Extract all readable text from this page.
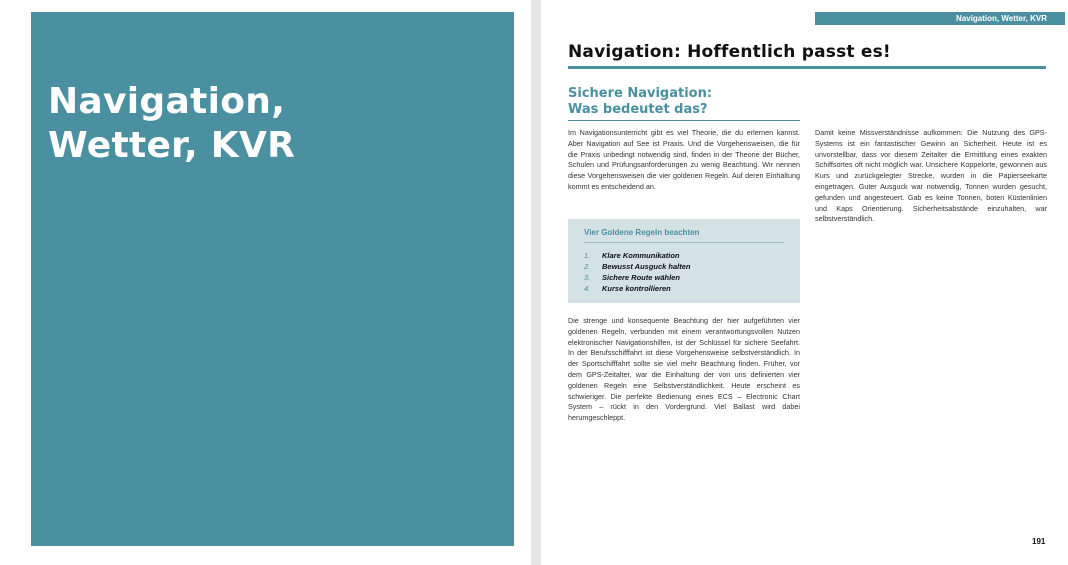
Navigation,
Wetter, KVR
Navigation, Wetter, KVR
Navigation: Hoffentlich passt es!
Sichere Navigation:
Was bedeutet das?

Im Navigationsunterricht gibt es viel Theorie, die du erlernen kannst. Aber Navigation auf See ist Praxis. Und die Vorgehensweisen, die für die Praxis unbedingt notwendig sind, finden in der Theorie der Bücher, Schulen und Prüfungsanforderungen zu wenig Beachtung. Wir nennen diese Vorgehensweisen die vier goldenen Regeln. Auf deren Einhaltung kommt es entscheidend an.

Vier Goldene Regeln beachten
1. Klare Kommunikation
2. Bewusst Ausguck halten
3. Sichere Route wählen
4. Kurse kontrollieren

Die strenge und konsequente Beachtung der hier aufgeführten vier goldenen Regeln, verbunden mit einem verantwortungsvollen Nutzen elektronischer Navigationshilfen, ist der Schlüssel für sichere Seefahrt. In der Berufsschifffahrt ist diese Vorgehensweise selbstverständlich. In der Sportschifffahrt sollte sie viel mehr Beachtung finden. Früher, vor dem GPS-Zeitalter, war die Einhaltung der von uns definierten vier goldenen Regeln eine Selbstverständlichkeit. Heute erscheint es schwieriger. Die perfekte Bedienung eines ECS – Electronic Chart System – rückt in den Vordergrund. Viel Ballast wird dabei herumgeschleppt.

Damit keine Missverständnisse aufkommen: Die Nutzung des GPS-Systems ist ein fantastischer Gewinn an Sicherheit. Heute ist es unvorstellbar, dass vor diesem Zeitalter die Ermittlung eines exakten Schiffsortes oft nicht möglich war. Unsichere Koppelorte, gewonnen aus Kurs und zurückgelegter Strecke, wurden in die Papierseekarte eingetragen. Guter Ausguck war notwendig, Tonnen wurden gesucht, gefunden und angesteuert. Gab es keine Tonnen, boten Küstenlinien und Kaps Orientierung. Sicherheitsabstände einzuhalten, war selbstverständlich.

191
